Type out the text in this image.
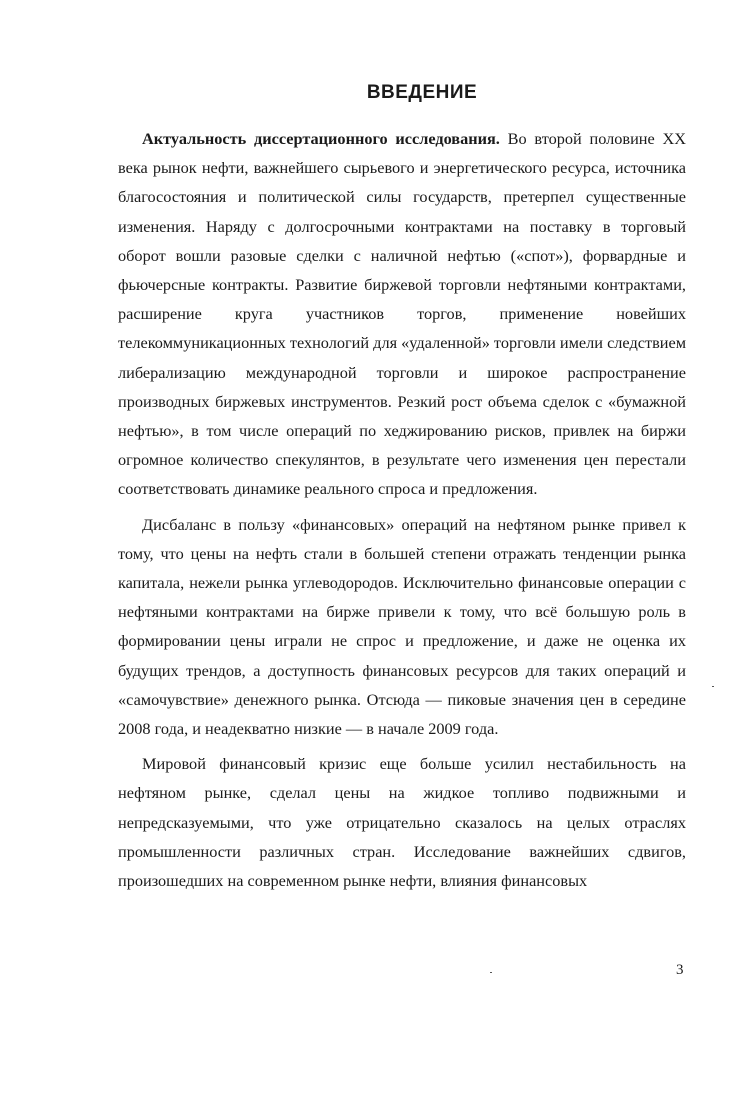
ВВЕДЕНИЕ

Актуальность диссертационного исследования. Во второй половине XX века рынок нефти, важнейшего сырьевого и энергетического ресурса, источника благосостояния и политической силы государств, претерпел существенные изменения. Наряду с долгосрочными контрактами на поставку в торговый оборот вошли разовые сделки с наличной нефтью («спот»), форвардные и фьючерсные контракты. Развитие биржевой торговли нефтяными контрактами, расширение круга участников торгов, применение новейших телекоммуникационных технологий для «удаленной» торговли имели следствием либерализацию международной торговли и широкое распространение производных биржевых инструментов. Резкий рост объема сделок с «бумажной нефтью», в том числе операций по хеджированию рисков, привлек на биржи огромное количество спекулянтов, в результате чего изменения цен перестали соответствовать динамике реального спроса и предложения.

Дисбаланс в пользу «финансовых» операций на нефтяном рынке привел к тому, что цены на нефть стали в большей степени отражать тенденции рынка капитала, нежели рынка углеводородов. Исключительно финансовые операции с нефтяными контрактами на бирже привели к тому, что всё большую роль в формировании цены играли не спрос и предложение, и даже не оценка их будущих трендов, а доступность финансовых ресурсов для таких операций и «самочувствие» денежного рынка. Отсюда — пиковые значения цен в середине 2008 года, и неадекватно низкие — в начале 2009 года.

Мировой финансовый кризис еще больше усилил нестабильность на нефтяном рынке, сделал цены на жидкое топливо подвижными и непредсказуемыми, что уже отрицательно сказалось на целых отраслях промышленности различных стран. Исследование важнейших сдвигов, произошедших на современном рынке нефти, влияния финансовых

3
